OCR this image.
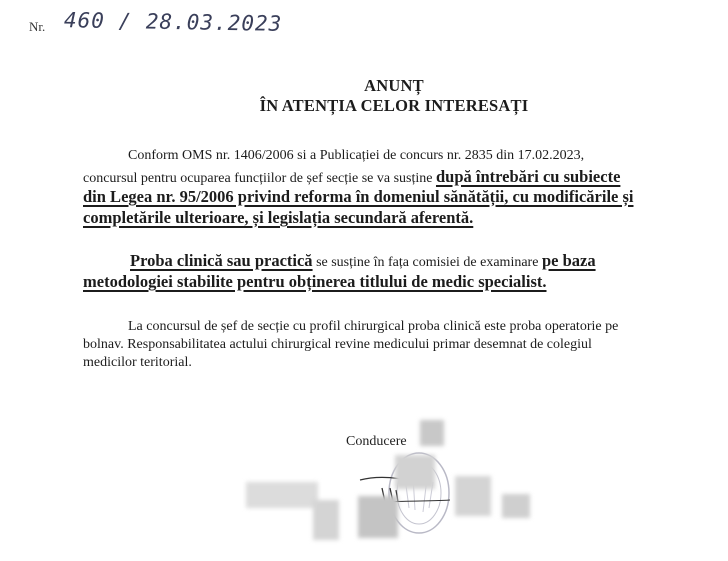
Nr. 460 / 28.03.2023
ANUNȚ
ÎN ATENȚIA CELOR INTERESAȚI
Conform OMS nr. 1406/2006 si a Publicației de concurs nr. 2835 din 17.02.2023,
concursul pentru ocuparea funcțiilor de șef secție se va susține după întrebări cu subiecte
din Legea nr. 95/2006 privind reforma în domeniul sănătății, cu modificările și
completările ulterioare, și legislația secundară aferentă.
Proba clinică sau practică se susține în fața comisiei de examinare pe baza
metodologiei stabilite pentru obținerea titlului de medic specialist.
La concursul de șef de secție cu profil chirurgical proba clinică este proba operatorie pe
bolnav. Responsabilitatea actului chirurgical revine medicului primar desemnat de colegiul
medicilor teritorial.
Conducere
